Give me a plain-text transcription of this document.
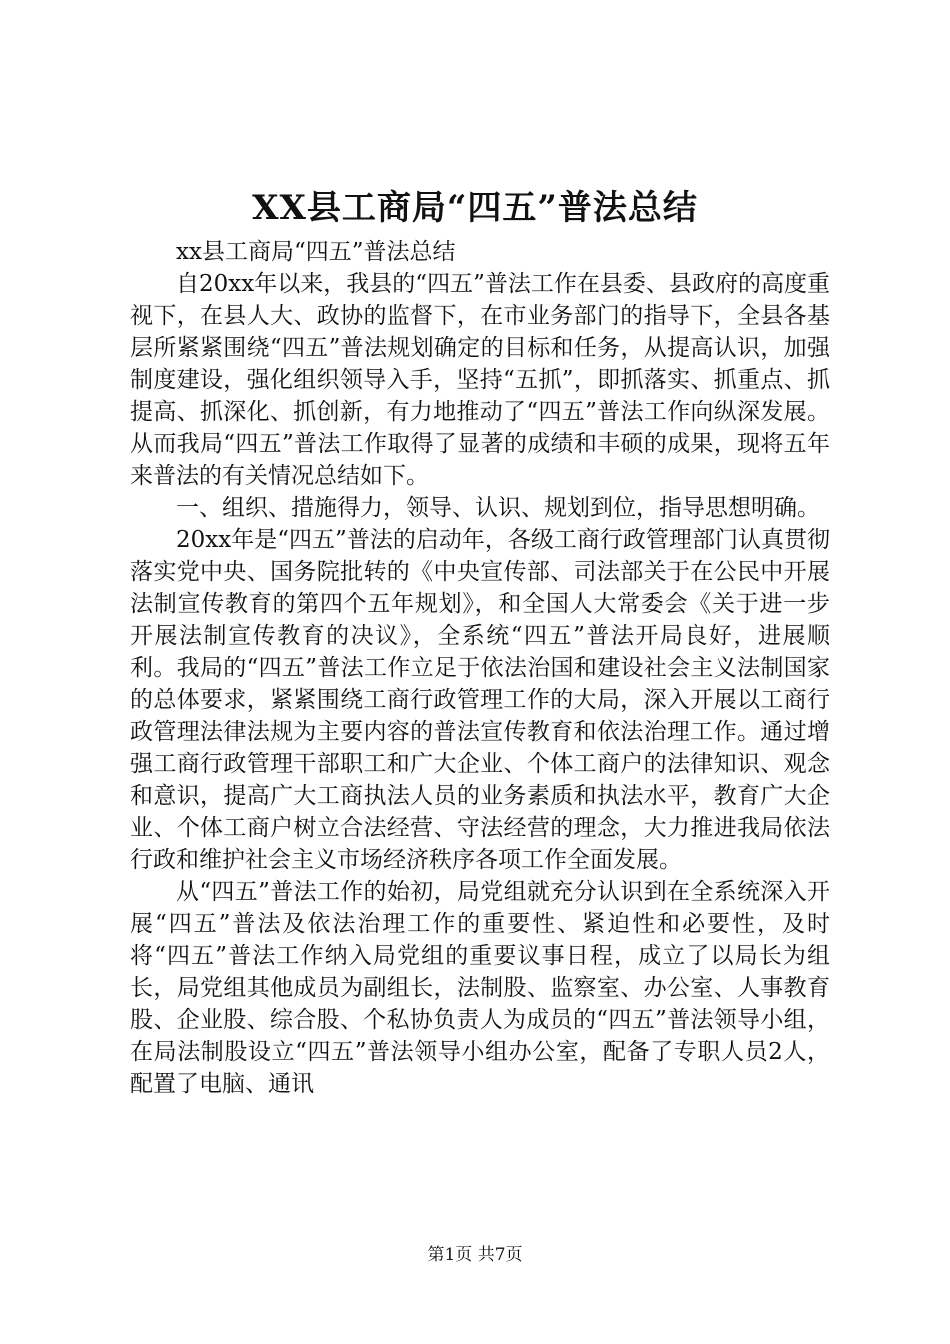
XX县工商局“四五”普法总结

xx县工商局“四五”普法总结

自20xx年以来，我县的“四五”普法工作在县委、县政府的高度重视下，在县人大、政协的监督下，在市业务部门的指导下，全县各基层所紧紧围绕“四五”普法规划确定的目标和任务，从提高认识，加强制度建设，强化组织领导入手，坚持“五抓”，即抓落实、抓重点、抓提高、抓深化、抓创新，有力地推动了“四五”普法工作向纵深发展。从而我局“四五”普法工作取得了显著的成绩和丰硕的成果，现将五年来普法的有关情况总结如下。

一、组织、措施得力，领导、认识、规划到位，指导思想明确。

20xx年是“四五”普法的启动年，各级工商行政管理部门认真贯彻落实党中央、国务院批转的《中央宣传部、司法部关于在公民中开展法制宣传教育的第四个五年规划》，和全国人大常委会《关于进一步开展法制宣传教育的决议》，全系统“四五”普法开局良好，进展顺利。我局的“四五”普法工作立足于依法治国和建设社会主义法制国家的总体要求，紧紧围绕工商行政管理工作的大局，深入开展以工商行政管理法律法规为主要内容的普法宣传教育和依法治理工作。通过增强工商行政管理干部职工和广大企业、个体工商户的法律知识、观念和意识，提高广大工商执法人员的业务素质和执法水平，教育广大企业、个体工商户树立合法经营、守法经营的理念，大力推进我局依法行政和维护社会主义市场经济秩序各项工作全面发展。

从“四五”普法工作的始初，局党组就充分认识到在全系统深入开展“四五”普法及依法治理工作的重要性、紧迫性和必要性，及时将“四五”普法工作纳入局党组的重要议事日程，成立了以局长为组长，局党组其他成员为副组长，法制股、监察室、办公室、人事教育股、企业股、综合股、个私协负责人为成员的“四五”普法领导小组，在局法制股设立“四五”普法领导小组办公室，配备了专职人员2人，配置了电脑、通讯

第1页 共7页
